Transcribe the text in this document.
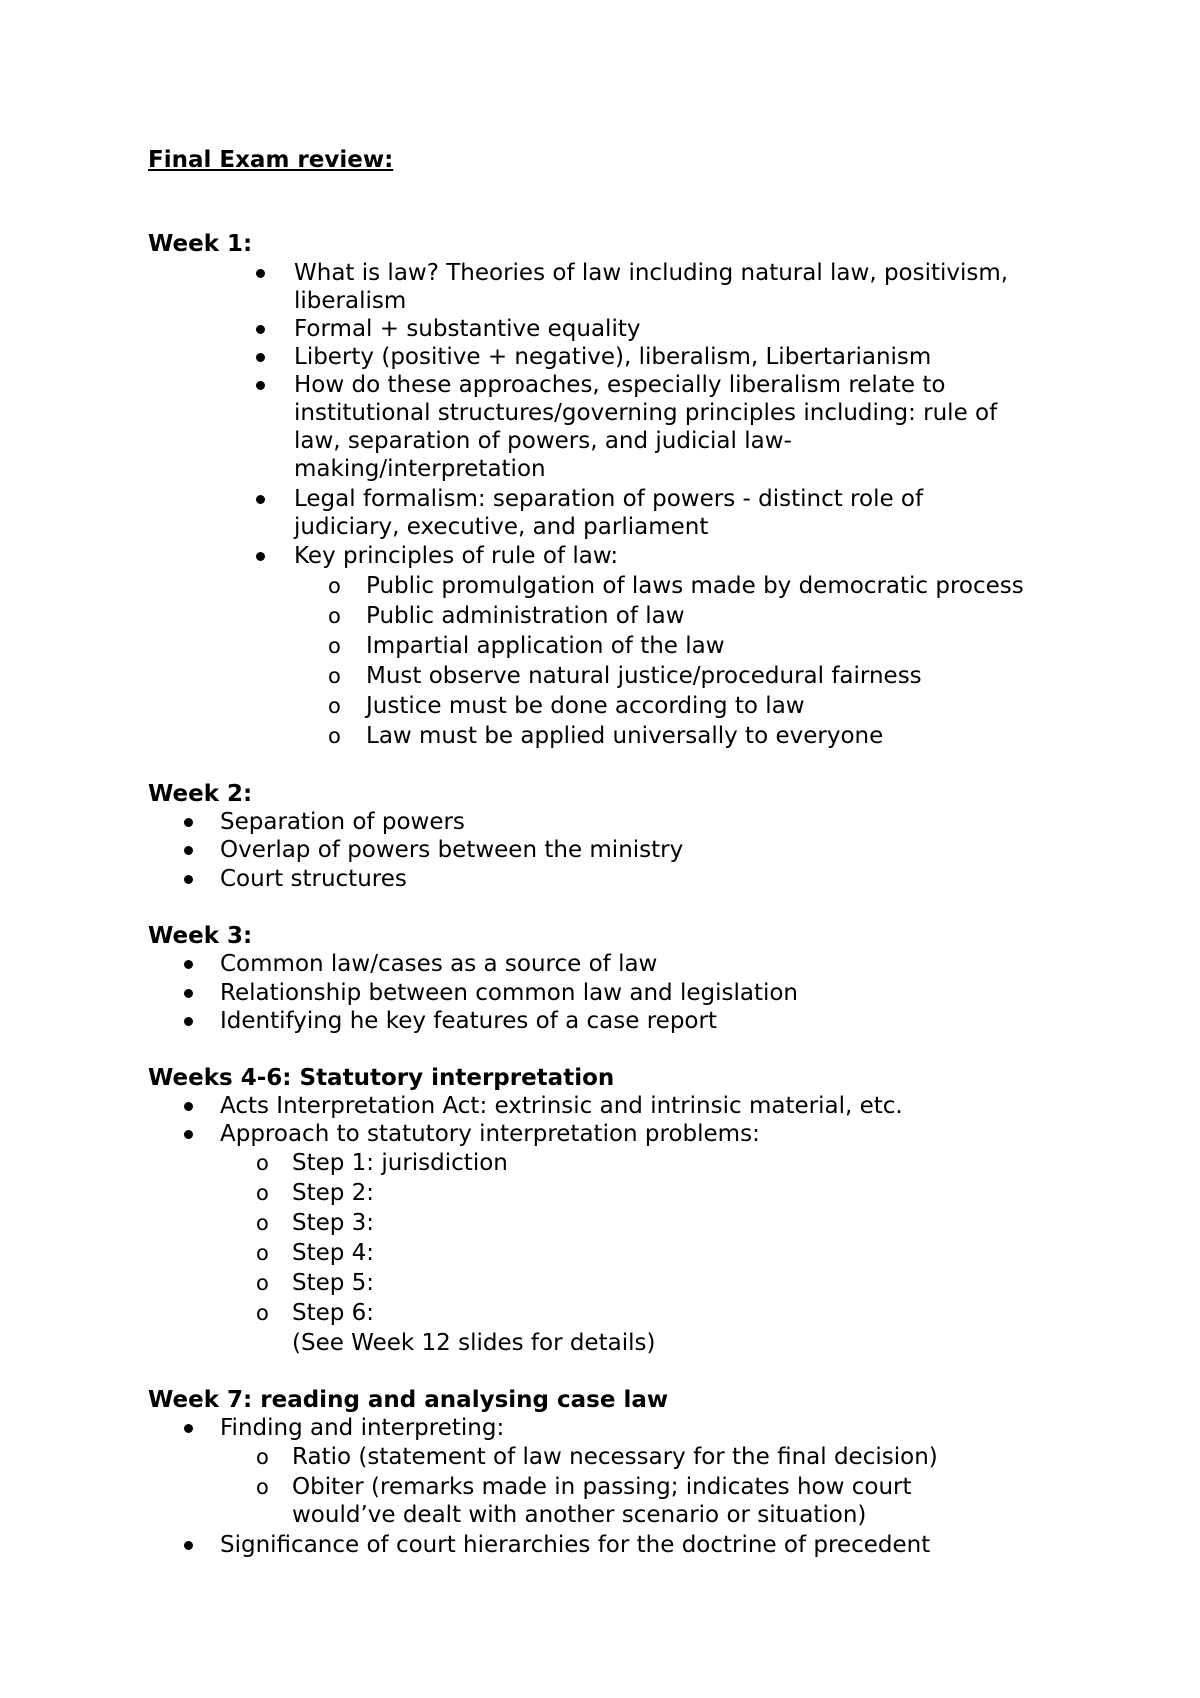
Final Exam review:
Week 1:
What is law? Theories of law including natural law, positivism,
liberalism
Formal + substantive equality
Liberty (positive + negative), liberalism, Libertarianism
How do these approaches, especially liberalism relate to
institutional structures/governing principles including: rule of
law, separation of powers, and judicial law-
making/interpretation
Legal formalism: separation of powers - distinct role of
judiciary, executive, and parliament
Key principles of rule of law:
o Public promulgation of laws made by democratic process
o Public administration of law
o Impartial application of the law
o Must observe natural justice/procedural fairness
o Justice must be done according to law
o Law must be applied universally to everyone
Week 2:
Separation of powers
Overlap of powers between the ministry
Court structures
Week 3:
Common law/cases as a source of law
Relationship between common law and legislation
Identifying he key features of a case report
Weeks 4-6: Statutory interpretation
Acts Interpretation Act: extrinsic and intrinsic material, etc.
Approach to statutory interpretation problems:
o Step 1: jurisdiction
o Step 2:
o Step 3:
o Step 4:
o Step 5:
o Step 6:
(See Week 12 slides for details)
Week 7: reading and analysing case law
Finding and interpreting:
o Ratio (statement of law necessary for the final decision)
o Obiter (remarks made in passing; indicates how court
would’ve dealt with another scenario or situation)
Significance of court hierarchies for the doctrine of precedent
